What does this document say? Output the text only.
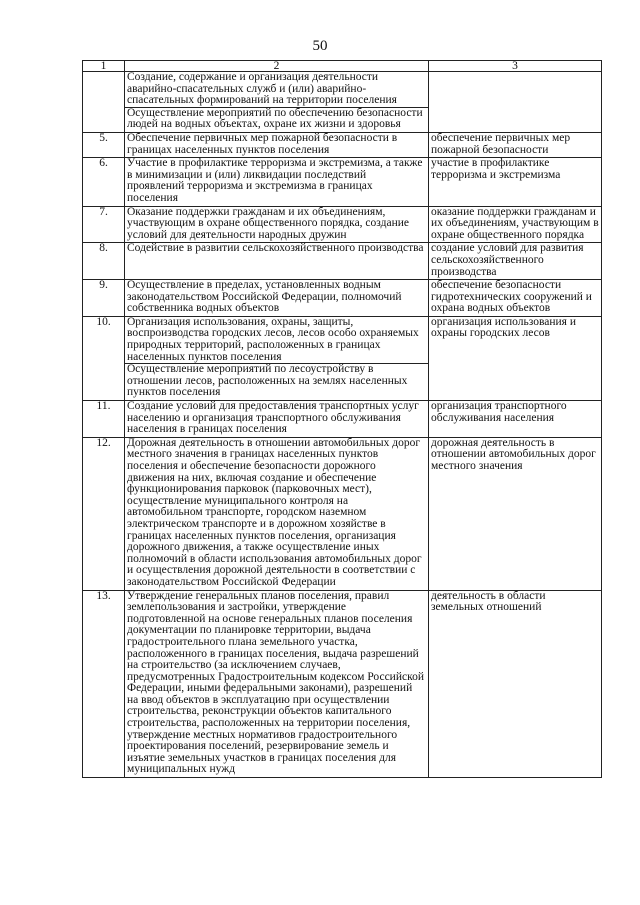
50
1	2	3

	Создание, содержание и организация деятельности аварийно-спасательных служб и (или) аварийно-спасательных формирований на территории поселения
Осуществление мероприятий по обеспечению безопасности людей на водных объектах, охране их жизни и здоровья	

5.	Обеспечение первичных мер пожарной безопасности в границах населенных пунктов поселения	обеспечение первичных мер пожарной безопасности
6.	Участие в профилактике терроризма и экстремизма, а также в минимизации и (или) ликвидации последствий проявлений терроризма и экстремизма в границах поселения	участие в профилактике терроризма и экстремизма
7.	Оказание поддержки гражданам и их объединениям, участвующим в охране общественного порядка, создание условий для деятельности народных дружин	оказание поддержки гражданам и их объединениям, участвующим в охране общественного порядка
8.	Содействие в развитии сельскохозяйственного производства	создание условий для развития сельскохозяйственного производства
9.	Осуществление в пределах, установленных водным законодательством Российской Федерации, полномочий собственника водных объектов	обеспечение безопасности гидротехнических сооружений и охрана водных объектов
10.	Организация использования, охраны, защиты, воспроизводства городских лесов, лесов особо охраняемых природных территорий, расположенных в границах населенных пунктов поселения
Осуществление мероприятий по лесоустройству в отношении лесов, расположенных на землях населенных пунктов поселения	организация использования и охраны городских лесов
11.	Создание условий для предоставления транспортных услуг населению и организация транспортного обслуживания населения в границах поселения	организация транспортного обслуживания населения
12.	Дорожная деятельность в отношении автомобильных дорог местного значения в границах населенных пунктов поселения и обеспечение безопасности дорожного движения на них, включая создание и обеспечение функционирования парковок (парковочных мест), осуществление муниципального контроля на автомобильном транспорте, городском наземном электрическом транспорте и в дорожном хозяйстве в границах населенных пунктов поселения, организация дорожного движения, а также осуществление иных полномочий в области использования автомобильных дорог и осуществления дорожной деятельности в соответствии с законодательством Российской Федерации	дорожная деятельность в отношении автомобильных дорог местного значения
13.	Утверждение генеральных планов поселения, правил землепользования и застройки, утверждение подготовленной на основе генеральных планов поселения документации по планировке территории, выдача градостроительного плана земельного участка, расположенного в границах поселения, выдача разрешений на строительство (за исключением случаев, предусмотренных Градостроительным кодексом Российской Федерации, иными федеральными законами), разрешений на ввод объектов в эксплуатацию при осуществлении строительства, реконструкции объектов капитального строительства, расположенных на территории поселения, утверждение местных нормативов градостроительного проектирования поселений, резервирование земель и изъятие земельных участков в границах поселения для муниципальных нужд	деятельность в области земельных отношений
